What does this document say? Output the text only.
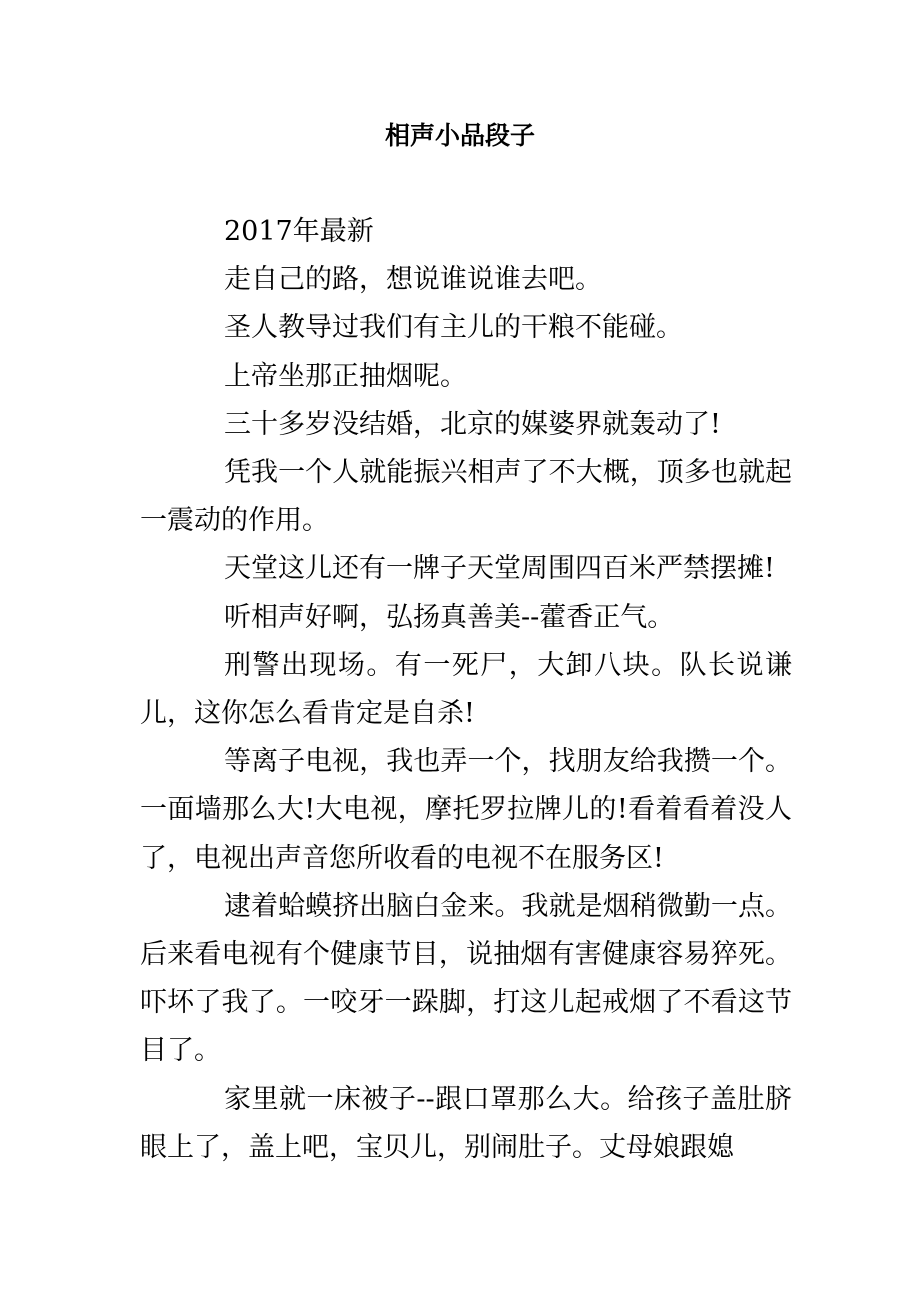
相声小品段子

2017年最新

走自己的路，想说谁说谁去吧。

圣人教导过我们有主儿的干粮不能碰。

上帝坐那正抽烟呢。

三十多岁没结婚，北京的媒婆界就轰动了!

凭我一个人就能振兴相声了不大概，顶多也就起一震动的作用。

天堂这儿还有一牌子天堂周围四百米严禁摆摊!

听相声好啊，弘扬真善美--藿香正气。

刑警出现场。有一死尸，大卸八块。队长说谦儿，这你怎么看肯定是自杀!

等离子电视，我也弄一个，找朋友给我攒一个。一面墙那么大!大电视，摩托罗拉牌儿的!看着看着没人了，电视出声音您所收看的电视不在服务区!

逮着蛤蟆挤出脑白金来。我就是烟稍微勤一点。后来看电视有个健康节目，说抽烟有害健康容易猝死。吓坏了我了。一咬牙一跺脚，打这儿起戒烟了不看这节目了。

家里就一床被子--跟口罩那么大。给孩子盖肚脐眼上了，盖上吧，宝贝儿，别闹肚子。丈母娘跟媳
